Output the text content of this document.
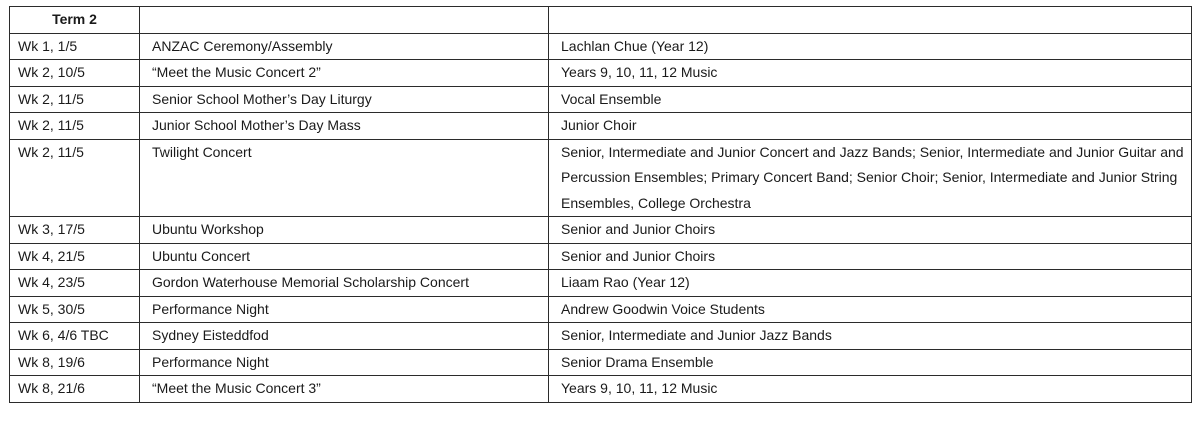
Term 2		
Wk 1, 1/5	ANZAC Ceremony/Assembly	Lachlan Chue (Year 12)
Wk 2, 10/5	“Meet the Music Concert 2”	Years 9, 10, 11, 12 Music
Wk 2, 11/5	Senior School Mother’s Day Liturgy	Vocal Ensemble
Wk 2, 11/5	Junior School Mother’s Day Mass	Junior Choir
Wk 2, 11/5	Twilight Concert	Senior, Intermediate and Junior Concert and Jazz Bands; Senior, Intermediate and Junior Guitar and Percussion Ensembles; Primary Concert Band; Senior Choir; Senior, Intermediate and Junior String Ensembles, College Orchestra
Wk 3, 17/5	Ubuntu Workshop	Senior and Junior Choirs
Wk 4, 21/5	Ubuntu Concert	Senior and Junior Choirs
Wk 4, 23/5	Gordon Waterhouse Memorial Scholarship Concert	Liaam Rao (Year 12)
Wk 5, 30/5	Performance Night	Andrew Goodwin Voice Students
Wk 6, 4/6 TBC	Sydney Eisteddfod	Senior, Intermediate and Junior Jazz Bands
Wk 8, 19/6	Performance Night	Senior Drama Ensemble
Wk 8, 21/6	“Meet the Music Concert 3”	Years 9, 10, 11, 12 Music
